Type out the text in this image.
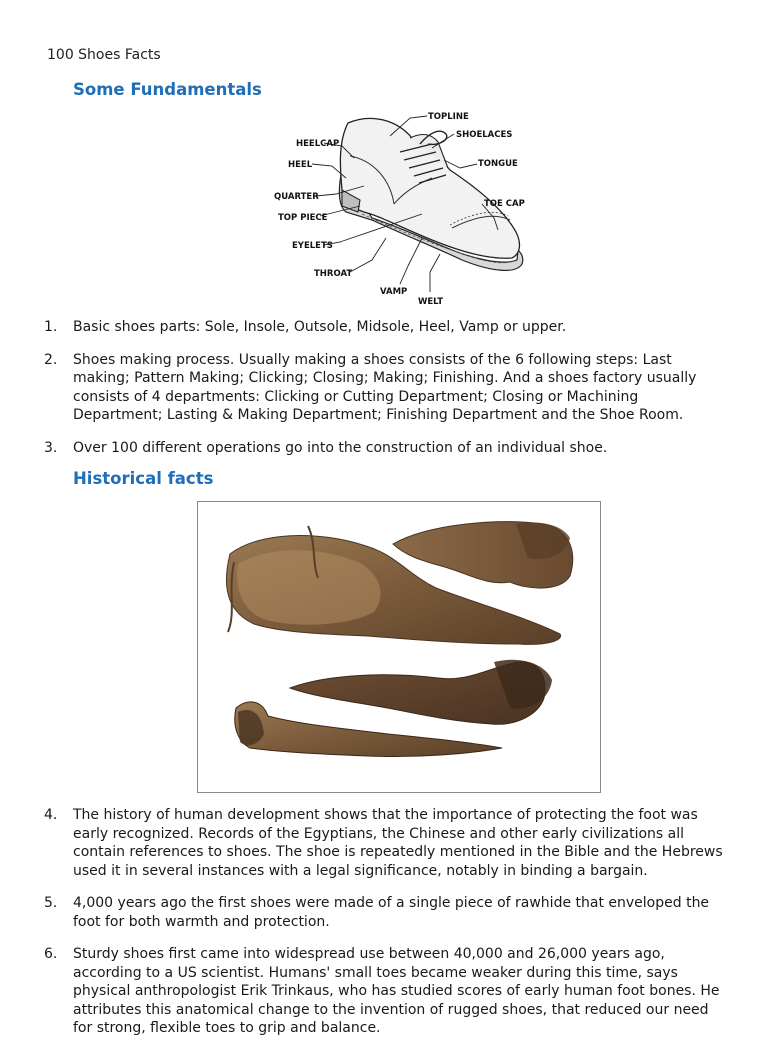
100 Shoes Facts
Some Fundamentals
TOPLINE
SHOELACES
HEELCAP
HEEL	TONGUE
QUARTER
TOE CAP
TOP PIECE
EYELETS
THROAT
VAMP
WELT
1. Basic shoes parts: Sole, Insole, Outsole, Midsole, Heel, Vamp or upper.
2. Shoes making process. Usually making a shoes consists of the 6 following steps: Last making; Pattern Making; Clicking; Closing; Making; Finishing. And a shoes factory usually consists of 4 departments: Clicking or Cutting Department; Closing or Machining Department; Lasting & Making Department; Finishing Department and the Shoe Room.
3. Over 100 different operations go into the construction of an individual shoe.
Historical facts
4. The history of human development shows that the importance of protecting the foot was early recognized. Records of the Egyptians, the Chinese and other early civilizations all contain references to shoes. The shoe is repeatedly mentioned in the Bible and the Hebrews used it in several instances with a legal significance, notably in binding a bargain.
5. 4,000 years ago the first shoes were made of a single piece of rawhide that enveloped the foot for both warmth and protection.
6. Sturdy shoes first came into widespread use between 40,000 and 26,000 years ago, according to a US scientist. Humans' small toes became weaker during this time, says physical anthropologist Erik Trinkaus, who has studied scores of early human foot bones. He attributes this anatomical change to the invention of rugged shoes, that reduced our need for strong, flexible toes to grip and balance.
